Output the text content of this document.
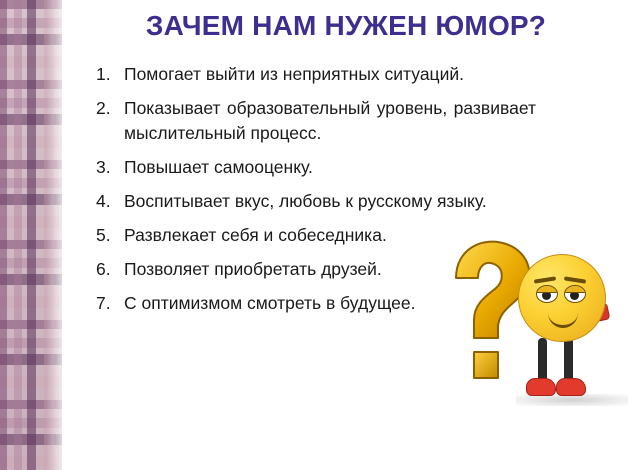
ЗАЧЕМ НАМ НУЖЕН ЮМОР?
1. Помогает выйти из неприятных ситуаций.
2. Показывает образовательный уровень, развивает мыслительный процесс.
3. Повышает самооценку.
4. Воспитывает вкус, любовь к русскому языку.
5. Развлекает себя и собеседника.
6. Позволяет приобретать друзей.
7. С оптимизмом смотреть в будущее.
